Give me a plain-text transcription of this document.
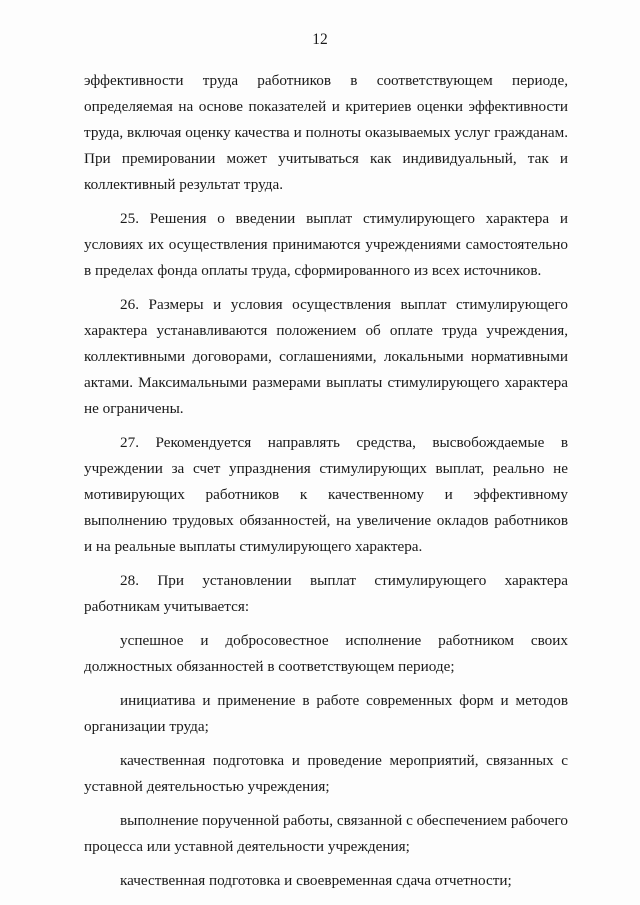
12

эффективности труда работников в соответствующем периоде, определяемая на основе показателей и критериев оценки эффективности труда, включая оценку качества и полноты оказываемых услуг гражданам. При премировании может учитываться как индивидуальный, так и коллективный результат труда.

25. Решения о введении выплат стимулирующего характера и условиях их осуществления принимаются учреждениями самостоятельно в пределах фонда оплаты труда, сформированного из всех источников.

26. Размеры и условия осуществления выплат стимулирующего характера устанавливаются положением об оплате труда учреждения, коллективными договорами, соглашениями, локальными нормативными актами. Максимальными размерами выплаты стимулирующего характера не ограничены.

27. Рекомендуется направлять средства, высвобождаемые в учреждении за счет упразднения стимулирующих выплат, реально не мотивирующих работников к качественному и эффективному выполнению трудовых обязанностей, на увеличение окладов работников и на реальные выплаты стимулирующего характера.

28. При установлении выплат стимулирующего характера работникам учитывается:

успешное и добросовестное исполнение работником своих должностных обязанностей в соответствующем периоде;

инициатива и применение в работе современных форм и методов организации труда;

качественная подготовка и проведение мероприятий, связанных с уставной деятельностью учреждения;

выполнение порученной работы, связанной с обеспечением рабочего процесса или уставной деятельности учреждения;

качественная подготовка и своевременная сдача отчетности;
